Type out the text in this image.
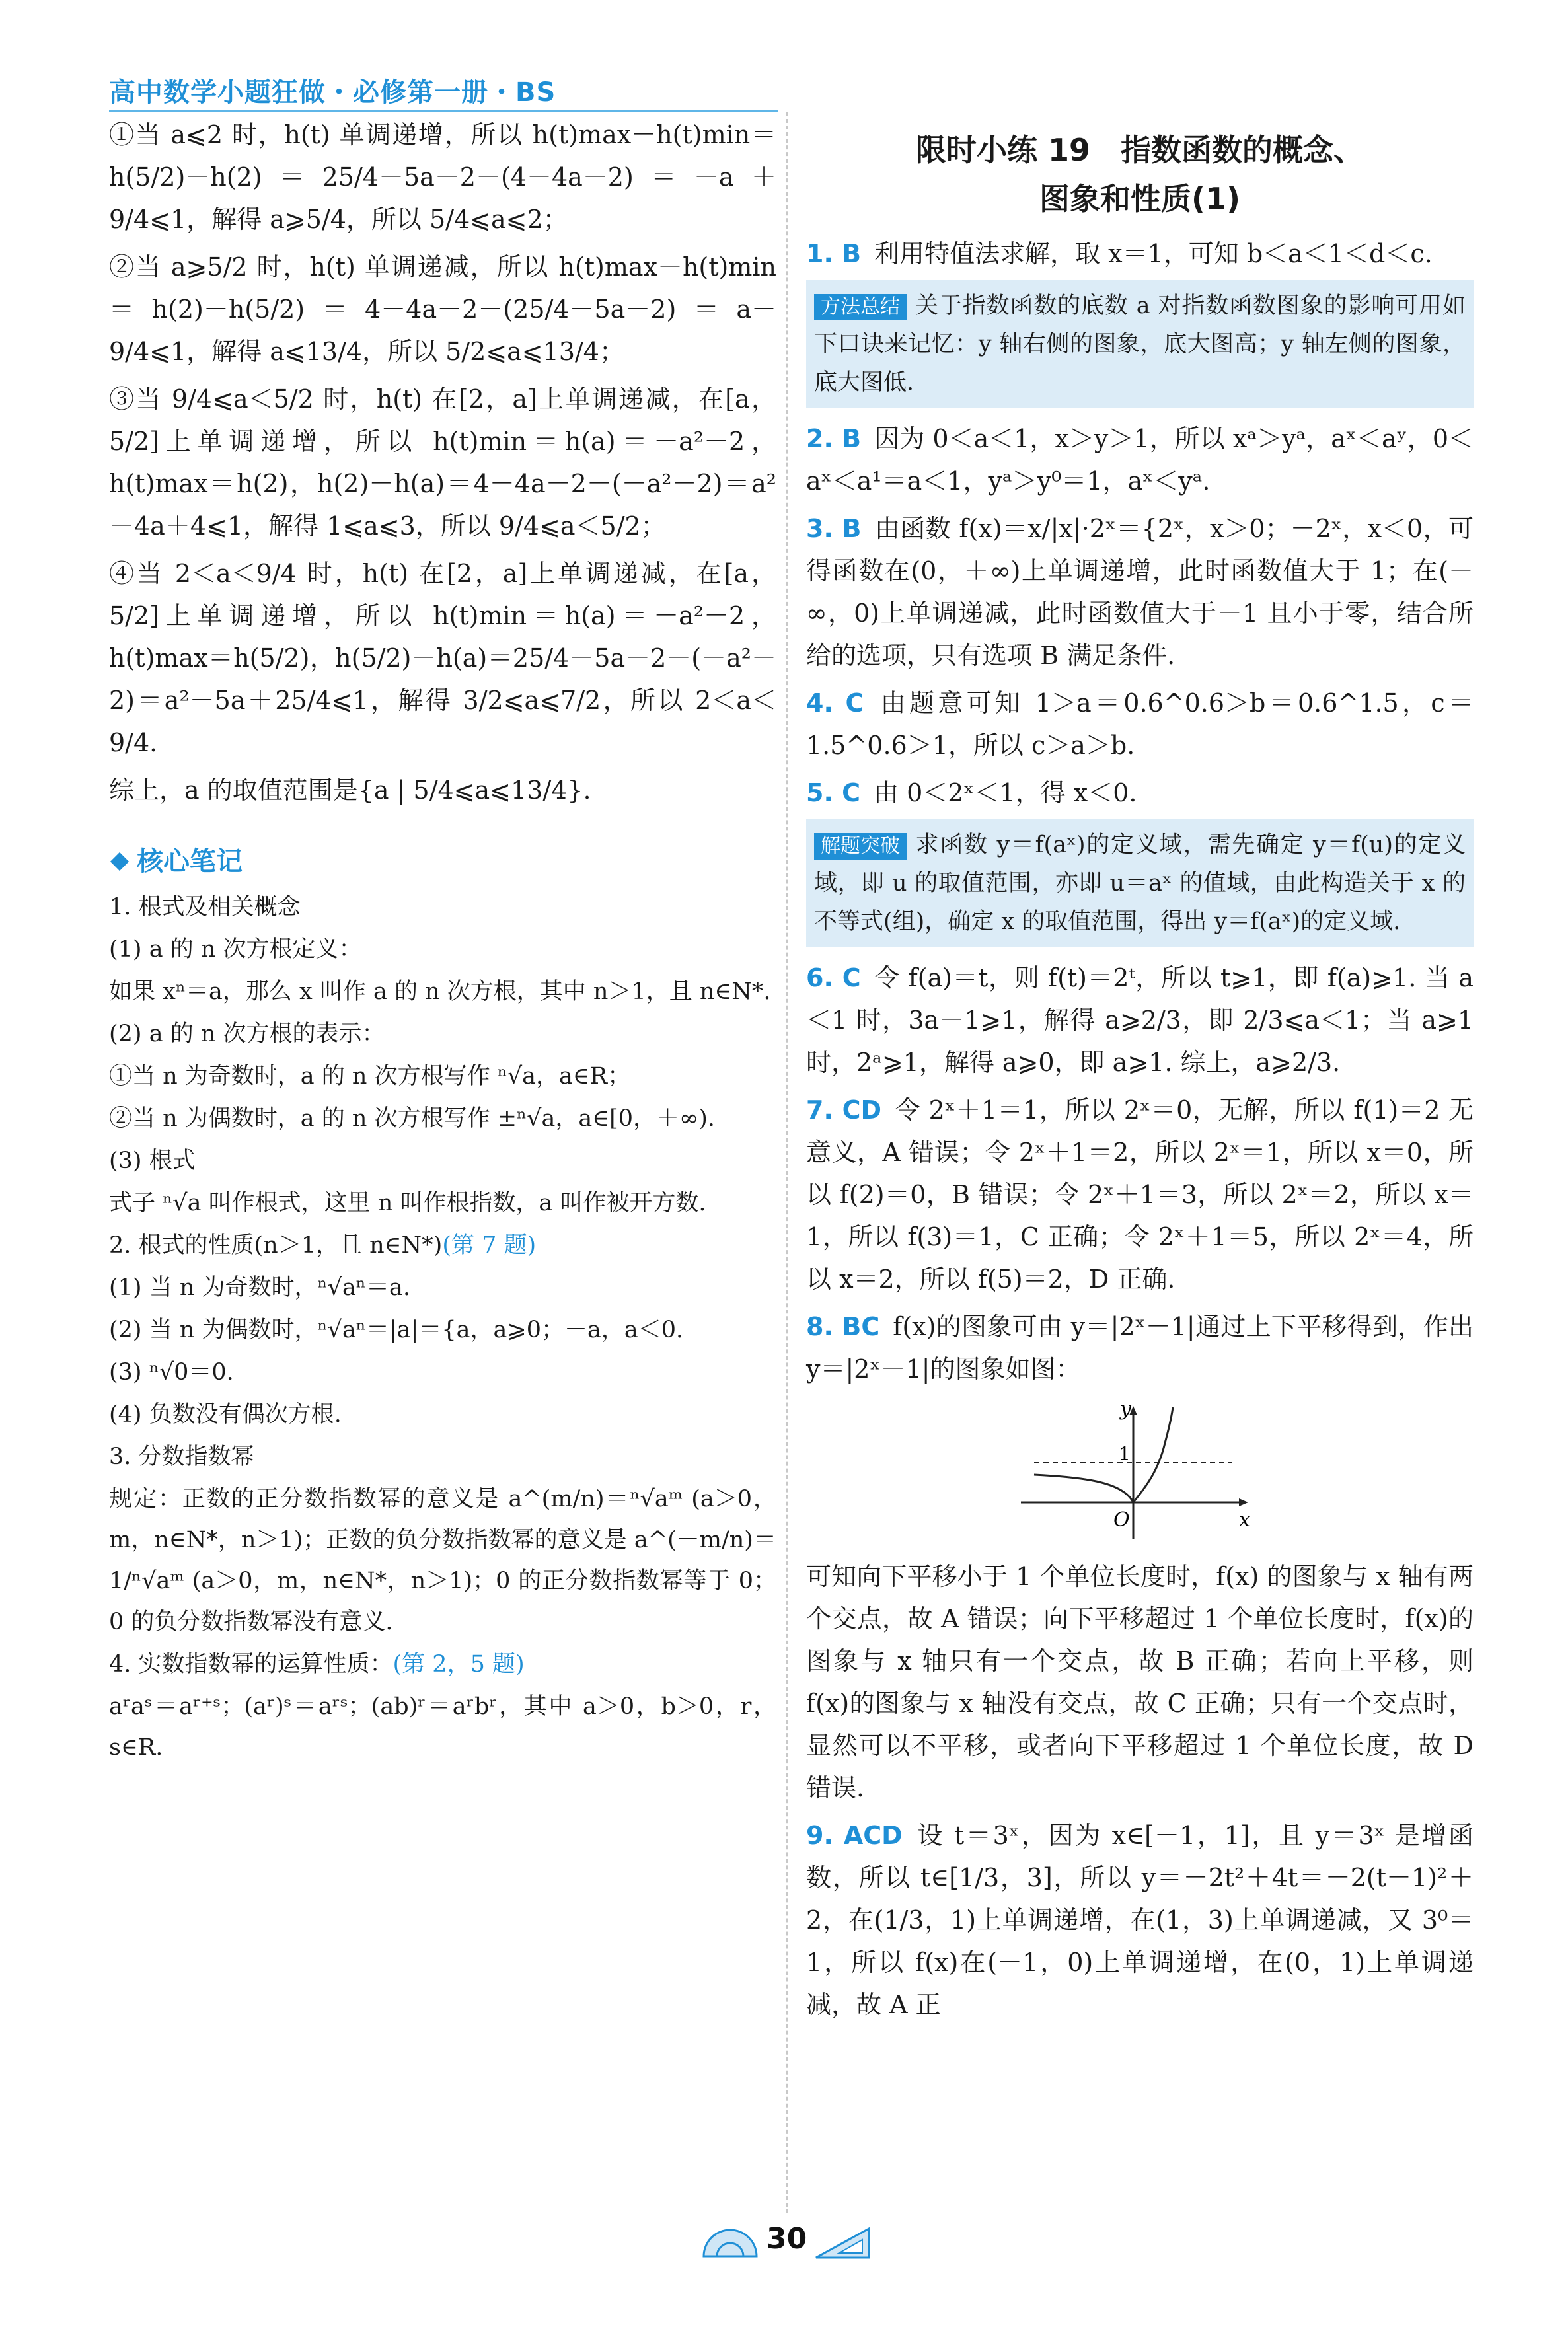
高中数学小题狂做・必修第一册・BS

①当 a⩽2 时，h(t) 单调递增，所以 h(t)max－h(t)min＝h(5/2)－h(2)＝25/4－5a－2－(4－4a－2)＝－a＋9/4⩽1，解得 a⩾5/4，所以 5/4⩽a⩽2；

②当 a⩾5/2 时，h(t) 单调递减，所以 h(t)max－h(t)min＝h(2)－h(5/2)＝4－4a－2－(25/4－5a－2)＝a－9/4⩽1，解得 a⩽13/4，所以 5/2⩽a⩽13/4；

③当 9/4⩽a＜5/2 时，h(t) 在[2，a]上单调递减，在[a，5/2]上单调递增，所以 h(t)min＝h(a)＝－a²－2，h(t)max＝h(2)，h(2)－h(a)＝4－4a－2－(－a²－2)＝a²－4a＋4⩽1，解得 1⩽a⩽3，所以 9/4⩽a＜5/2；

④当 2＜a＜9/4 时，h(t) 在[2，a]上单调递减，在[a，5/2]上单调递增，所以 h(t)min＝h(a)＝－a²－2，h(t)max＝h(5/2)，h(5/2)－h(a)＝25/4－5a－2－(－a²－2)＝a²－5a＋25/4⩽1，解得 3/2⩽a⩽7/2，所以 2＜a＜9/4.

综上，a 的取值范围是{a | 5/4⩽a⩽13/4}.

核心笔记

1. 根式及相关概念

(1) a 的 n 次方根定义：

如果 xⁿ＝a，那么 x 叫作 a 的 n 次方根，其中 n＞1，且 n∈N*.

(2) a 的 n 次方根的表示：

①当 n 为奇数时，a 的 n 次方根写作 ⁿ√a，a∈R；

②当 n 为偶数时，a 的 n 次方根写作 ±ⁿ√a，a∈[0，＋∞).

(3) 根式

式子 ⁿ√a 叫作根式，这里 n 叫作根指数，a 叫作被开方数.

2. 根式的性质(n＞1，且 n∈N*)(第 7 题)

(1) 当 n 为奇数时，ⁿ√aⁿ＝a.

(2) 当 n 为偶数时，ⁿ√aⁿ＝|a|＝{a，a⩾0；－a，a＜0.

(3) ⁿ√0＝0.

(4) 负数没有偶次方根.

3. 分数指数幂

规定：正数的正分数指数幂的意义是 a^(m/n)＝ⁿ√aᵐ (a＞0，m，n∈N*，n＞1)；正数的负分数指数幂的意义是 a^(－m/n)＝1/ⁿ√aᵐ (a＞0，m，n∈N*，n＞1)；0 的正分数指数幂等于 0；0 的负分数指数幂没有意义.

4. 实数指数幂的运算性质：(第 2，5 题)

aʳaˢ＝aʳ⁺ˢ；(aʳ)ˢ＝aʳˢ；(ab)ʳ＝aʳbʳ，其中 a＞0，b＞0，r，s∈R.

限时小练 19　指数函数的概念、
图象和性质(1)

1. B 利用特值法求解，取 x＝1，可知 b＜a＜1＜d＜c.

方法总结 关于指数函数的底数 a 对指数函数图象的影响可用如下口诀来记忆：y 轴右侧的图象，底大图高；y 轴左侧的图象，底大图低.

2. B 因为 0＜a＜1，x＞y＞1，所以 xᵃ＞yᵃ，aˣ＜aʸ，0＜aˣ＜a¹＝a＜1，yᵃ＞y⁰＝1，aˣ＜yᵃ.

3. B 由函数 f(x)＝x/|x|·2ˣ＝{2ˣ，x＞0；－2ˣ，x＜0，可得函数在(0，＋∞)上单调递增，此时函数值大于 1；在(－∞，0)上单调递减，此时函数值大于－1 且小于零，结合所给的选项，只有选项 B 满足条件.

4. C 由题意可知 1＞a＝0.6^0.6＞b＝0.6^1.5，c＝1.5^0.6＞1，所以 c＞a＞b.

5. C 由 0＜2ˣ＜1，得 x＜0.

解题突破 求函数 y＝f(aˣ)的定义域，需先确定 y＝f(u)的定义域，即 u 的取值范围，亦即 u＝aˣ 的值域，由此构造关于 x 的不等式(组)，确定 x 的取值范围，得出 y＝f(aˣ)的定义域.

6. C 令 f(a)＝t，则 f(t)＝2ᵗ，所以 t⩾1，即 f(a)⩾1. 当 a＜1 时，3a－1⩾1，解得 a⩾2/3，即 2/3⩽a＜1；当 a⩾1 时，2ᵃ⩾1，解得 a⩾0，即 a⩾1. 综上，a⩾2/3.

7. CD 令 2ˣ＋1＝1，所以 2ˣ＝0，无解，所以 f(1)＝2 无意义，A 错误；令 2ˣ＋1＝2，所以 2ˣ＝1，所以 x＝0，所以 f(2)＝0，B 错误；令 2ˣ＋1＝3，所以 2ˣ＝2，所以 x＝1，所以 f(3)＝1，C 正确；令 2ˣ＋1＝5，所以 2ˣ＝4，所以 x＝2，所以 f(5)＝2，D 正确.

8. BC f(x)的图象可由 y＝|2ˣ－1|通过上下平移得到，作出 y＝|2ˣ－1|的图象如图：

y
x
O
1

可知向下平移小于 1 个单位长度时，f(x) 的图象与 x 轴有两个交点，故 A 错误；向下平移超过 1 个单位长度时，f(x)的图象与 x 轴只有一个交点，故 B 正确；若向上平移，则 f(x)的图象与 x 轴没有交点，故 C 正确；只有一个交点时，显然可以不平移，或者向下平移超过 1 个单位长度，故 D 错误.

9. ACD 设 t＝3ˣ，因为 x∈[－1，1]，且 y＝3ˣ 是增函数，所以 t∈[1/3，3]，所以 y＝－2t²＋4t＝－2(t－1)²＋2，在(1/3，1)上单调递增，在(1，3)上单调递减，又 3⁰＝1，所以 f(x)在(－1，0)上单调递增，在(0，1)上单调递减，故 A 正

30
